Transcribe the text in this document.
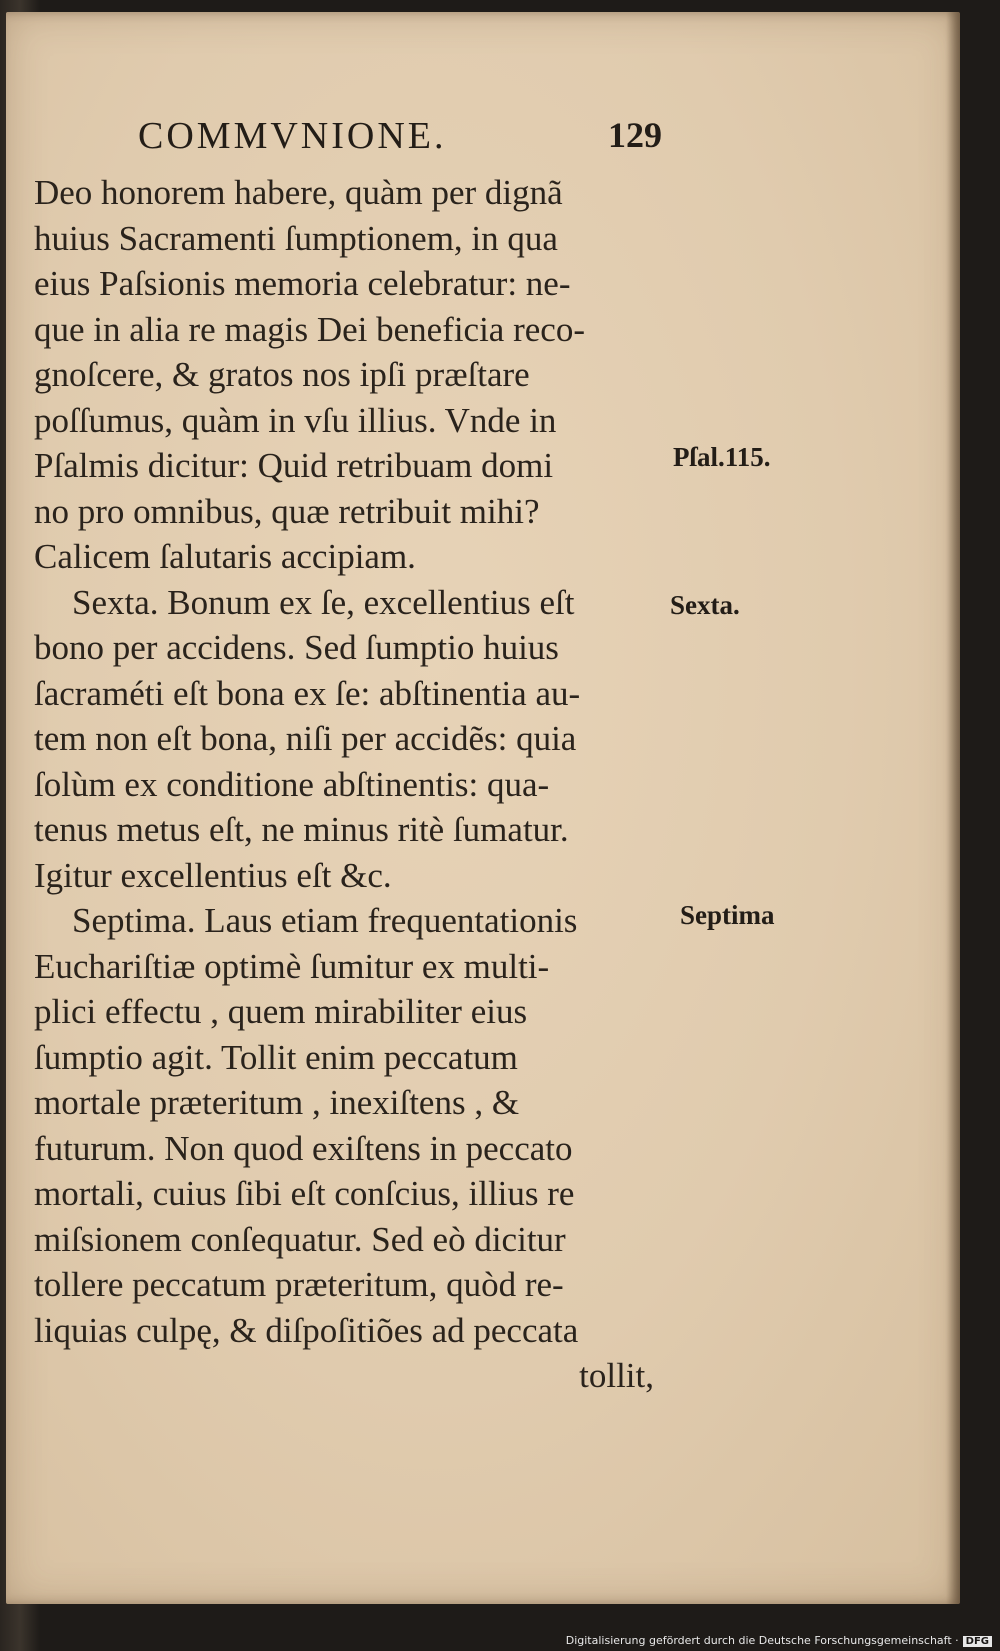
COMMVNIONE.	129
Deo honorem habere, quàm per dignã
huius Sacramenti ſumptionem, in qua
eius Paſsionis memoria celebratur: ne-
que in alia re magis Dei beneficia reco-
gnoſcere, & gratos nos ipſi præſtare
poſſumus, quàm in vſu illius. Vnde in
Pſalmis dicitur: Quid retribuam domi
no pro omnibus, quæ retribuit mihi?
Calicem ſalutaris accipiam.
Sexta. Bonum ex ſe, excellentius eſt
bono per accidens. Sed ſumptio huius
ſacraméti eſt bona ex ſe: abſtinentia au-
tem non eſt bona, niſi per accidẽs: quia
ſolùm ex conditione abſtinentis: qua-
tenus metus eſt, ne minus ritè ſumatur.
Igitur excellentius eſt &c.
Septima. Laus etiam frequentationis
Euchariſtiæ optimè ſumitur ex multi-
plici effectu , quem mirabiliter eius
ſumptio agit. Tollit enim peccatum
mortale præteritum , inexiſtens , &
futurum. Non quod exiſtens in peccato
mortali, cuius ſibi eſt conſcius, illius re
miſsionem conſequatur. Sed eò dicitur
tollere peccatum præteritum, quòd re-
liquias culpę, & diſpoſitiões ad peccata
tollit,
Pſal.115.
Sexta.
Septima
Digitalisierung gefördert durch die Deutsche Forschungsgemeinschaft · DFG
